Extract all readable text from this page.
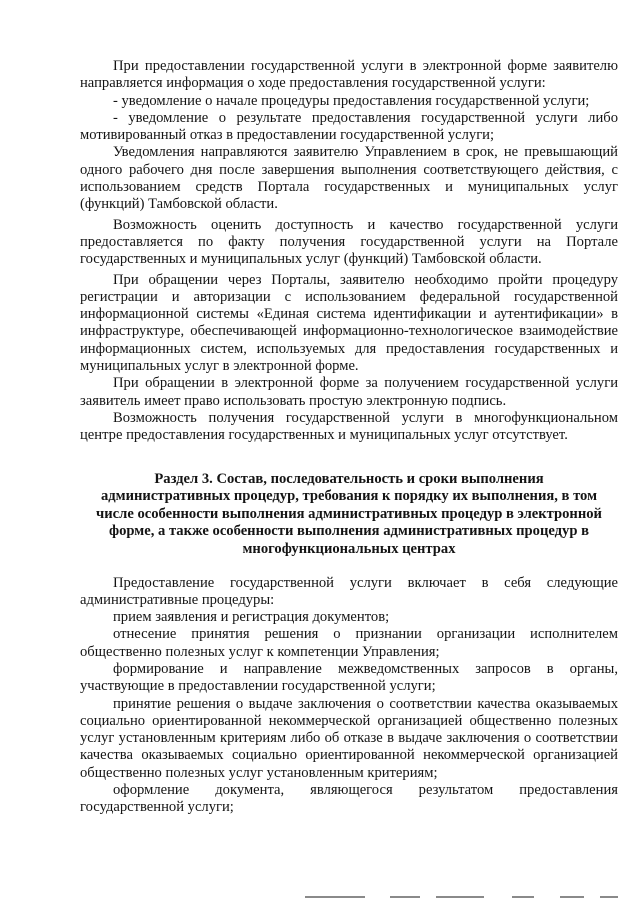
При предоставлении государственной услуги в электронной форме заявителю направляется информация о ходе предоставления государственной услуги:

- уведомление о начале процедуры предоставления государственной услуги;

- уведомление о результате предоставления государственной услуги либо мотивированный отказ в предоставлении государственной услуги;

Уведомления направляются заявителю Управлением в срок, не превышающий одного рабочего дня после завершения выполнения соответствующего действия, с использованием средств Портала государственных и муниципальных услуг (функций) Тамбовской области.

Возможность оценить доступность и качество государственной услуги предоставляется по факту получения государственной услуги на Портале государственных и муниципальных услуг (функций) Тамбовской области.

При обращении через Порталы, заявителю необходимо пройти процедуру регистрации и авторизации с использованием федеральной государственной информационной системы «Единая система идентификации и аутентификации» в инфраструктуре, обеспечивающей информационно-технологическое взаимодействие информационных систем, используемых для предоставления государственных и муниципальных услуг в электронной форме.

При обращении в электронной форме за получением государственной услуги заявитель имеет право использовать простую электронную подпись.

Возможность получения государственной услуги в многофункциональном центре предоставления государственных и муниципальных услуг отсутствует.

Раздел 3. Состав, последовательность и сроки выполнения административных процедур, требования к порядку их выполнения, в том числе особенности выполнения административных процедур в электронной форме, а также особенности выполнения административных процедур в многофункциональных центрах

Предоставление государственной услуги включает в себя следующие административные процедуры:

прием заявления и регистрация документов;

отнесение принятия решения о признании организации исполнителем общественно полезных услуг к компетенции Управления;

формирование и направление межведомственных запросов в органы, участвующие в предоставлении государственной услуги;

принятие решения о выдаче заключения о соответствии качества оказываемых социально ориентированной некоммерческой организацией общественно полезных услуг установленным критериям либо об отказе в выдаче заключения о соответствии качества оказываемых социально ориентированной некоммерческой организацией общественно полезных услуг установленным критериям;

оформление документа, являющегося результатом предоставления государственной услуги;
